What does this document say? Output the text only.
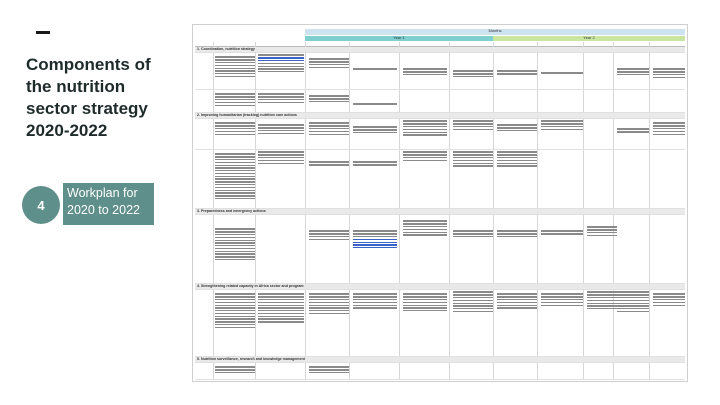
Components of
the nutrition
sector strategy
2020-2022
4
Workplan for
2020 to 2022
Months
Year 1	Year 2
1. Coordination, nutrition strategy
2. Improving humanitarian (tracking) nutrition care actions
3. Preparedness and emergency actions
4. Strengthening related capacity in Africa sector and program
5. Nutrition surveillance, research and knowledge management
